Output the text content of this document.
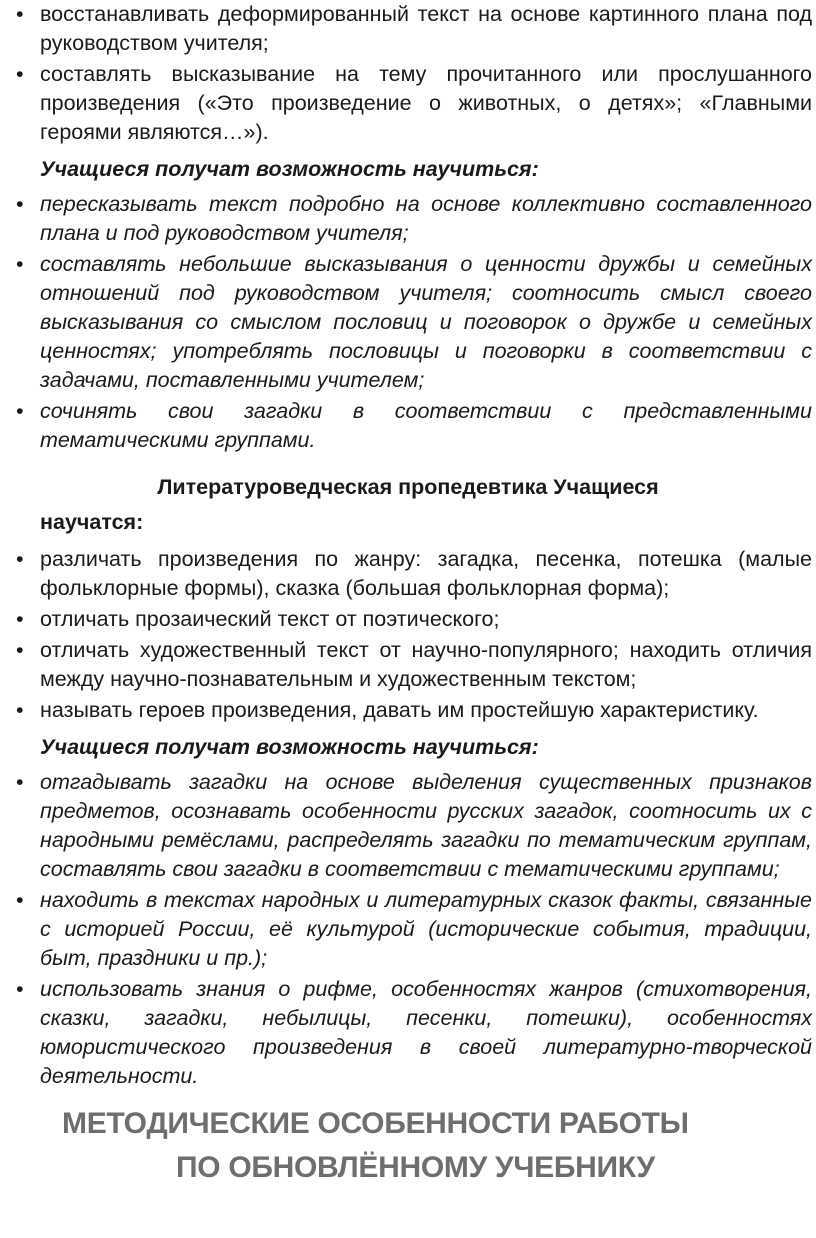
• восстанавливать деформированный текст на основе картинного плана под руководством учителя;
• составлять высказывание на тему прочитанного или прослушанного произведения («Это произведение о животных, о детях»; «Главными героями являются…»).
Учащиеся получат возможность научиться:
• пересказывать текст подробно на основе коллективно составленного плана и под руководством учителя;
• составлять небольшие высказывания о ценности дружбы и семейных отношений под руководством учителя; соотносить смысл своего высказывания со смыслом пословиц и поговорок о дружбе и семейных ценностях; употреблять пословицы и поговорки в соответствии с задачами, поставленными учителем;
• сочинять свои загадки в соответствии с представленными тематическими группами.
Литературоведческая пропедевтика Учащиеся
научатся:
• различать произведения по жанру: загадка, песенка, потешка (малые фольклорные формы), сказка (большая фольклорная форма);
• отличать прозаический текст от поэтического;
• отличать художественный текст от научно-популярного; находить отличия между научно-познавательным и художественным текстом;
• называть героев произведения, давать им простейшую характеристику.
Учащиеся получат возможность научиться:
• отгадывать загадки на основе выделения существенных признаков предметов, осознавать особенности русских загадок, соотносить их с народными ремёслами, распределять загадки по тематическим группам, составлять свои загадки в соответствии с тематическими группами;
• находить в текстах народных и литературных сказок факты, связанные с историей России, её культурой (исторические события, традиции, быт, праздники и пр.);
• использовать знания о рифме, особенностях жанров (стихотворения, сказки, загадки, небылицы, песенки, потешки), особенностях юмористического произведения в своей литературно-творческой деятельности.
МЕТОДИЧЕСКИЕ ОСОБЕННОСТИ РАБОТЫ
ПО ОБНОВЛЁННОМУ УЧЕБНИКУ
